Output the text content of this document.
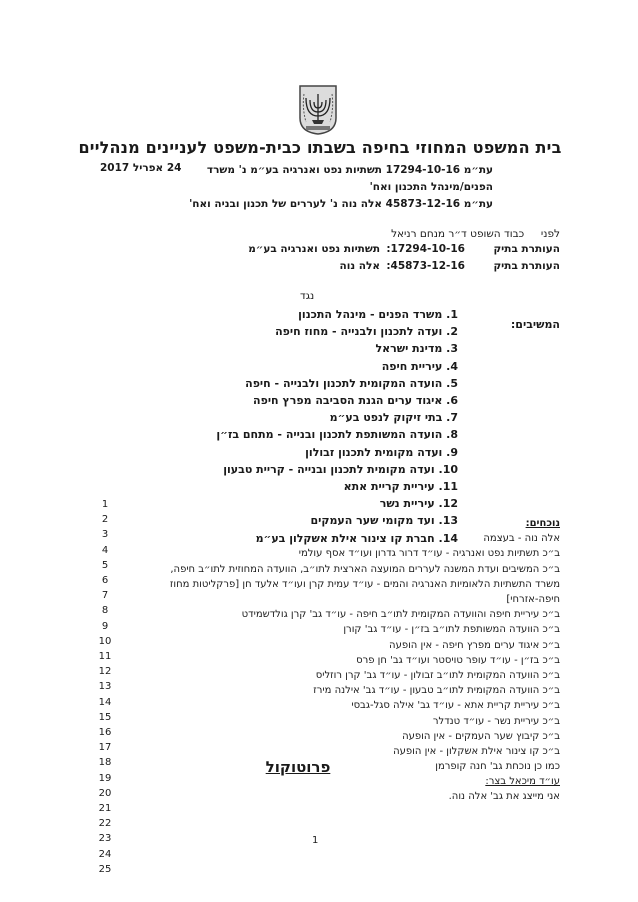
בית המשפט המחוזי בחיפה בשבתו כבית-משפט לעניינים מנהליים
24 אפריל 2017	עת״מ 17294-10-16 תשתיות נפט ואנרגיה בע״מ נ' משרד
הפנים/מינהל התכנון ואח'
עת״מ 45873-12-16 אלה נוה נ' לעררים של תכנון ובניה ואח'
לפני     כבוד השופט ד״ר מנחם רניאל
העותרת בתיק
17294-10-16:
תשתיות נפט ואנרגיה בע״מ
העותרת בתיק
45873-12-16:
אלה נוה
נגד
המשיבים:
1. משרד הפנים - מינהל התכנון
2. ועדה לתכנון ולבנייה - מחוז חיפה
3. מדינת ישראל
4. עיריית חיפה
5. הועדה המקומית לתכנון ולבנייה - חיפה
6. איגוד ערים הגנת הסביבה מפרץ חיפה
7. בתי זיקוק לנפט בע״מ
8. הועדה המשותפת לתכנון ובנייה - מתחם בז״ן
9. ועדה מקומית לתכנון זבולון
10. ועדה מקומית לתכנון ובנייה - קריית טבעון
11. עיריית קריית אתא
12. עיריית נשר
13. ועד מקומי שער העמקים
14. חברת קו צינור אילת אשקלון בע״מ
1
2
3
4
5
6
7
8
9
10
11
12
13
14
15
16
17
18
19
20
21
22
23
24
25
נוכחים:
אלה נוה - בעצמה
ב״כ תשתיות נפט ואנרגיה - עו״ד דרור גדרון ועו״ד אסף עולמי
ב״כ המשיבים ועדת המשנה לעררים המועצה הארצית לתו״ב, הוועדה המחוזית לתו״ב חיפה,
משרד התשתיות הלאומיות האנרגיה והמים - עו״ד עמית קרן ועו״ד אלעד חן [פרקליטות מחוז
חיפה-אזרחי]
ב״כ עיריית חיפה והוועדה המקומית לתו״ב חיפה - עו״ד גב' קרן גולדשמידט
ב״כ הוועדה המשותפת לתו״ב בז״ן - עו״ד גב' קורן
ב״כ איגוד ערים מפרץ חיפה - אין הופעה
ב״כ בז״ן - עו״ד עופר טויסטר ועו״ד גב' חן פרס
ב״כ הוועדה המקומית לתו״ב זבולון - עו״ד גב' קרן רוזליס
ב״כ הוועדה המקומית לתו״ב טבעון - עו״ד גב' אילנה מירז
ב״כ עיריית קריית אתא - עו״ד גב' אילה סגל-גבסי
ב״כ עיריית נשר - עו״ד טנדלר
ב״כ קיבוץ שער העמקים - אין הופעה
ב״כ קו צינור אילת אשקלון - אין הופעה
כמו כן נוכחת גב' חנה קופרמן
פרוטוקול
עו״ד מיכאל בצר:
אני מייצג את גב' אלה נוה.
1
